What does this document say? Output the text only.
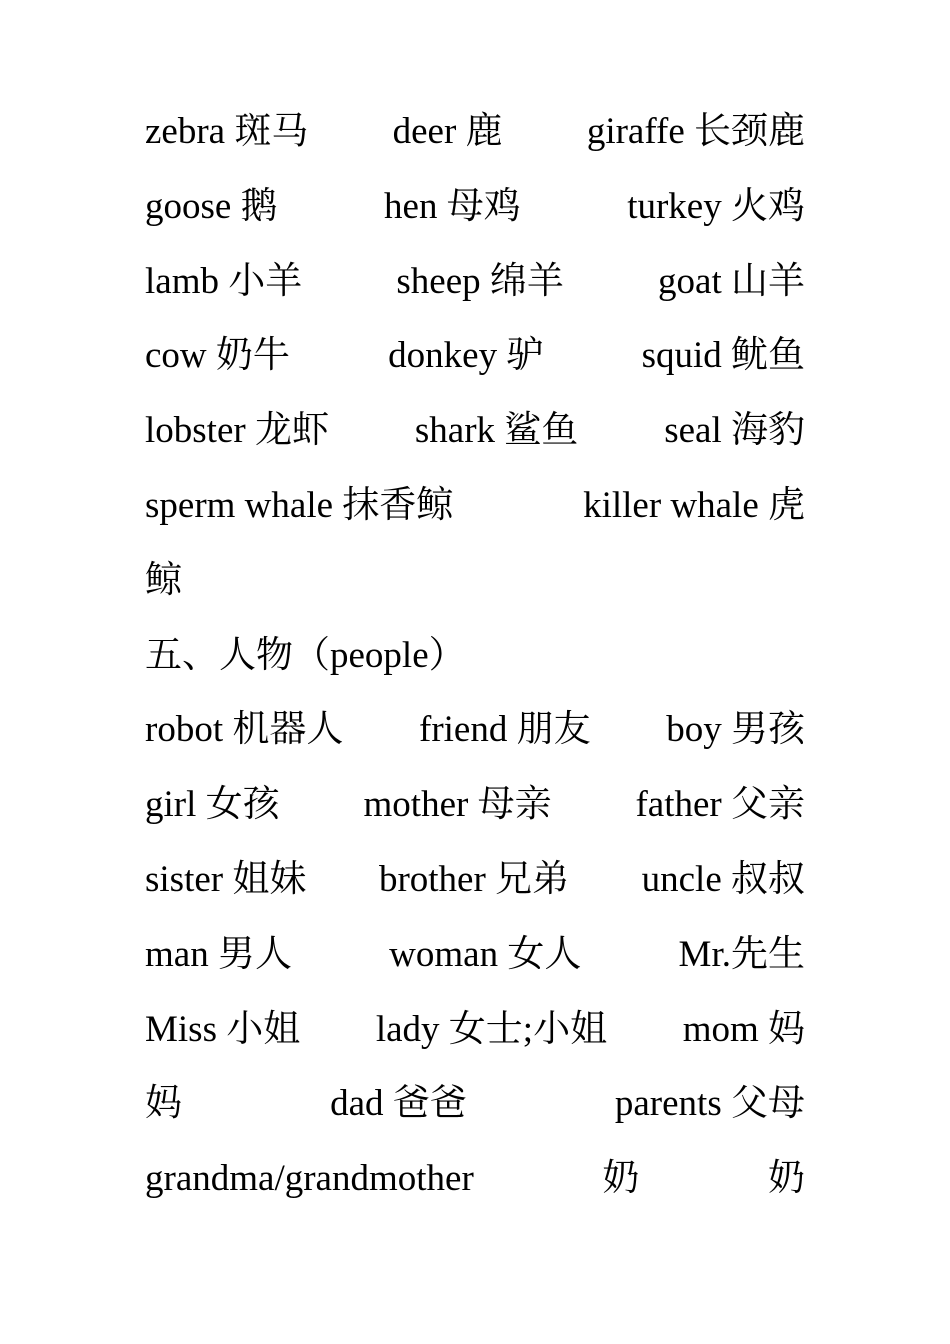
zebra 斑马 deer 鹿 giraffe 长颈鹿
goose 鹅	hen 母鸡	turkey 火鸡
lamb 小羊	sheep 绵羊	goat 山羊
cow 奶牛	donkey 驴	squid 鱿鱼
lobster 龙虾 shark 鲨鱼 seal 海豹
sperm whale 抹香鲸	killer whale 虎
鲸
五、人物（people）
robot 机器人 friend 朋友 boy 男孩
girl 女孩 mother 母亲 father 父亲
sister 姐妹 brother 兄弟 uncle 叔叔
man 男人	woman 女人	Mr.先生
Miss 小姐 lady 女士;小姐 mom 妈
妈	dad 爸爸	parents 父母
grandma/grandmother	奶	奶
